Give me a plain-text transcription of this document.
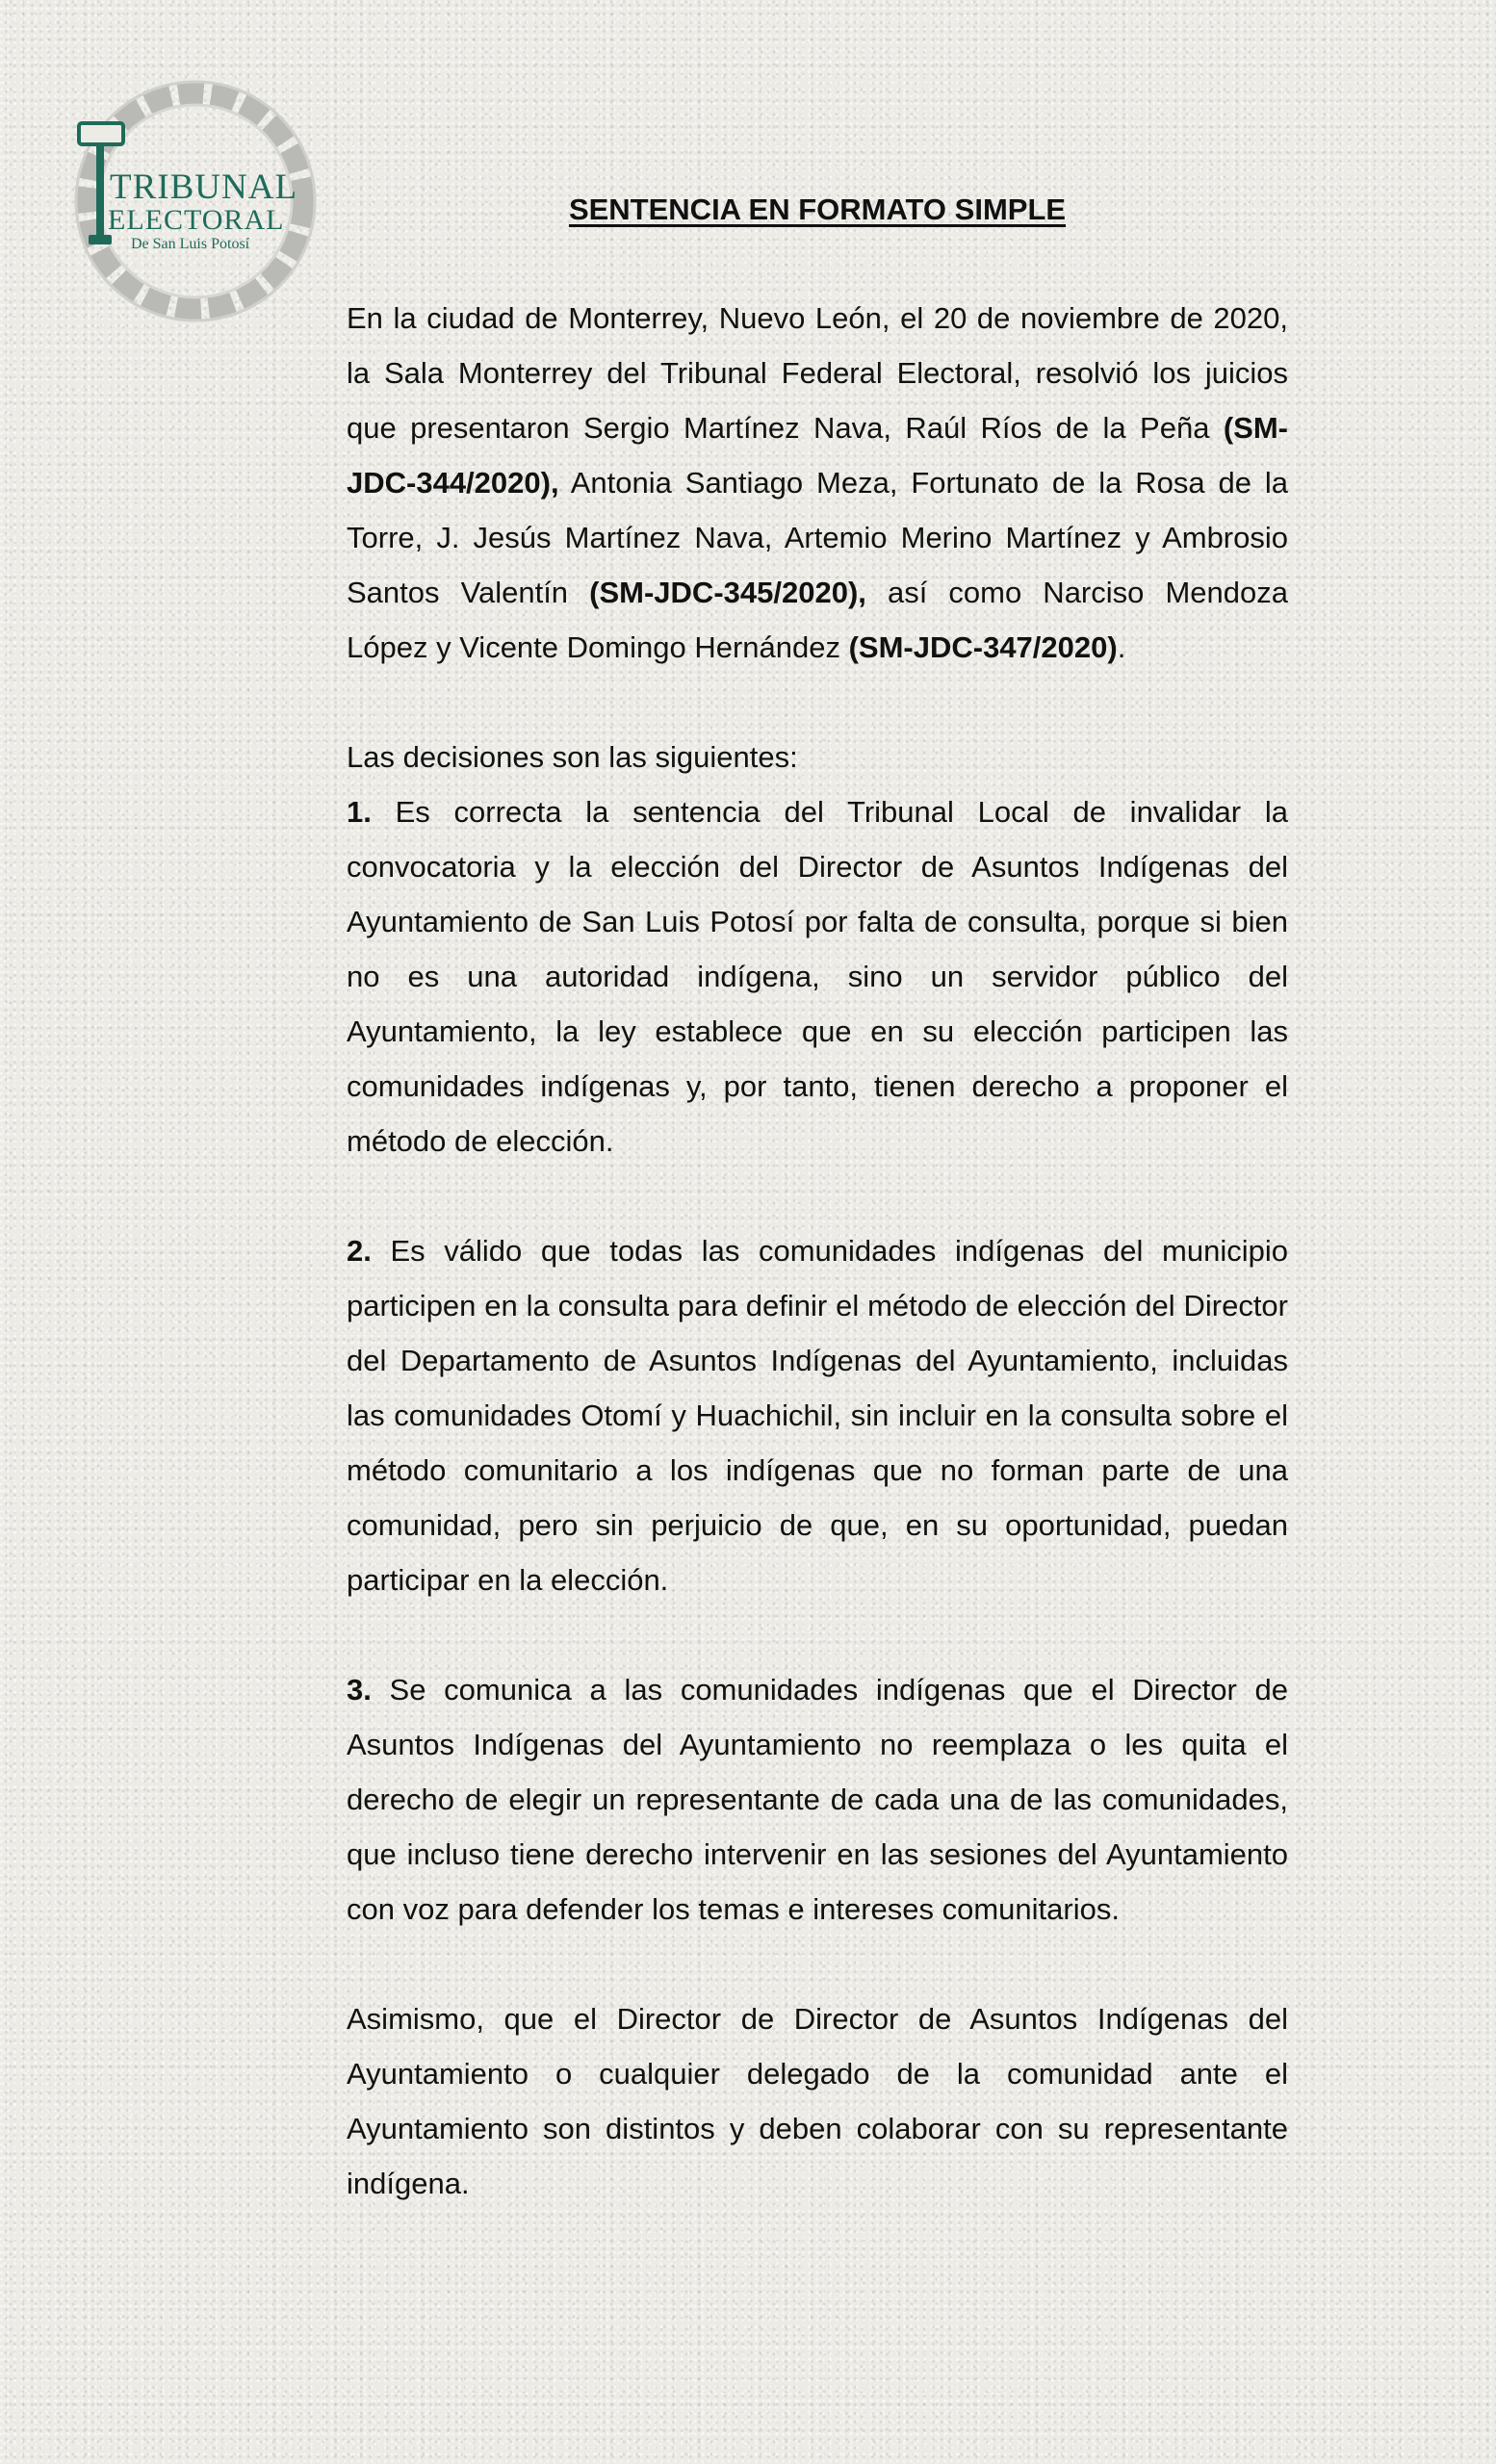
TRIBUNAL
ELECTORAL
De San Luis Potosí
SENTENCIA EN FORMATO SIMPLE

En la ciudad de Monterrey, Nuevo León, el 20 de noviembre de 2020, la Sala Monterrey del Tribunal Federal Electoral, resolvió los juicios que presentaron Sergio Martínez Nava, Raúl Ríos de la Peña (SM-JDC-344/2020), Antonia Santiago Meza, Fortunato de la Rosa de la Torre, J. Jesús Martínez Nava, Artemio Merino Martínez y Ambrosio Santos Valentín (SM-JDC-345/2020), así como Narciso Mendoza López y Vicente Domingo Hernández (SM-JDC-347/2020).

Las decisiones son las siguientes:

1. Es correcta la sentencia del Tribunal Local de invalidar la convocatoria y la elección del Director de Asuntos Indígenas del Ayuntamiento de San Luis Potosí por falta de consulta, porque si bien no es una autoridad indígena, sino un servidor público del Ayuntamiento, la ley establece que en su elección participen las comunidades indígenas y, por tanto, tienen derecho a proponer el método de elección.

2. Es válido que todas las comunidades indígenas del municipio participen en la consulta para definir el método de elección del Director del Departamento de Asuntos Indígenas del Ayuntamiento, incluidas las comunidades Otomí y Huachichil, sin incluir en la consulta sobre el método comunitario a los indígenas que no forman parte de una comunidad, pero sin perjuicio de que, en su oportunidad, puedan participar en la elección.

3. Se comunica a las comunidades indígenas que el Director de Asuntos Indígenas del Ayuntamiento no reemplaza o les quita el derecho de elegir un representante de cada una de las comunidades, que incluso tiene derecho intervenir en las sesiones del Ayuntamiento con voz para defender los temas e intereses comunitarios.

Asimismo, que el Director de Director de Asuntos Indígenas del Ayuntamiento o cualquier delegado de la comunidad ante el Ayuntamiento son distintos y deben colaborar con su representante indígena.
